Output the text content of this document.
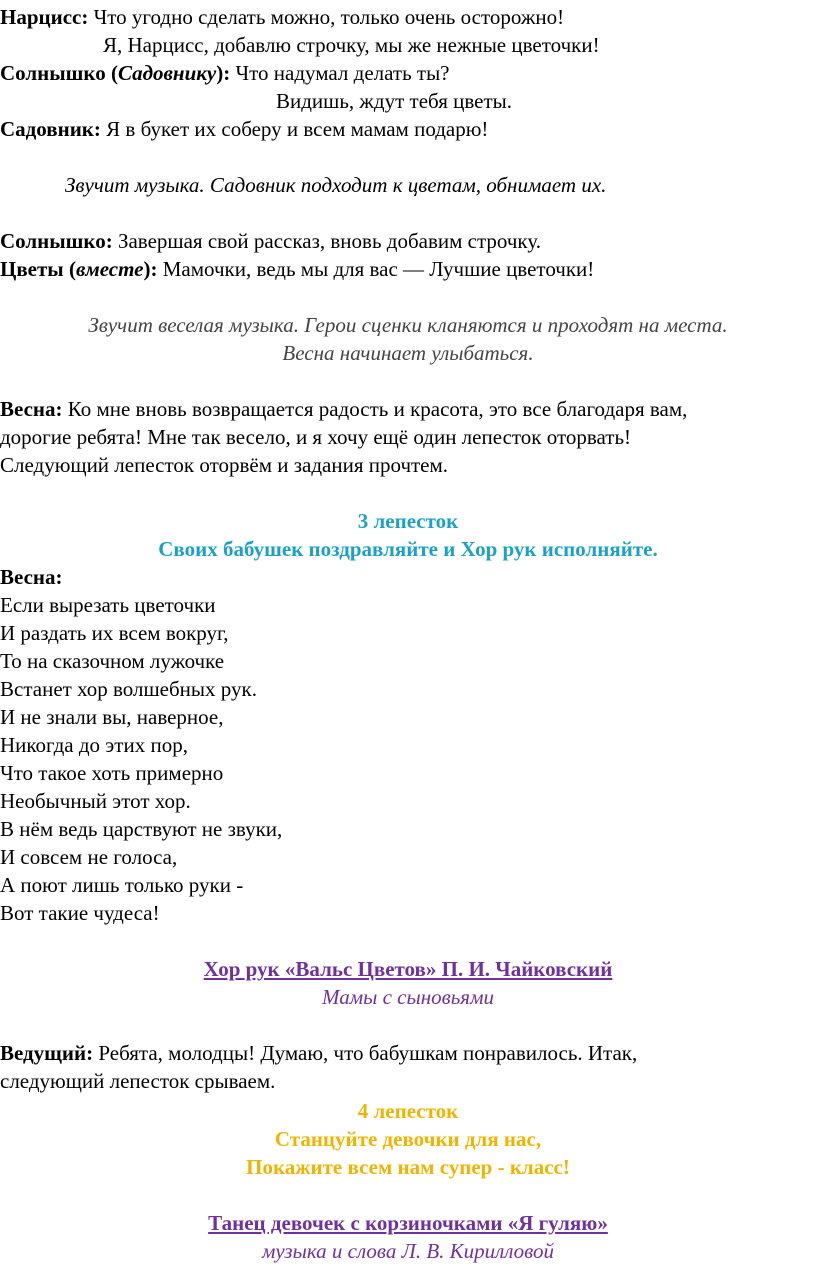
Нарцисс: Что угодно сделать можно, только очень осторожно!
Я, Нарцисс, добавлю строчку, мы же нежные цветочки!
Солнышко (Садовнику): Что надумал делать ты?
Видишь, ждут тебя цветы.
Садовник: Я в букет их соберу и всем мамам подарю!
Звучит музыка. Садовник подходит к цветам, обнимает их.
Солнышко: Завершая свой рассказ, вновь добавим строчку.
Цветы (вместе): Мамочки, ведь мы для вас — Лучшие цветочки!
Звучит веселая музыка. Герои сценки кланяются и проходят на места.
Весна начинает улыбаться.
Весна: Ко мне вновь возвращается радость и красота, это все благодаря вам,
дорогие ребята! Мне так весело, и я хочу ещё один лепесток оторвать!
Следующий лепесток оторвём и задания прочтем.
3 лепесток
Своих бабушек поздравляйте и Хор рук исполняйте.
Весна:
Если вырезать цветочки
И раздать их всем вокруг,
То на сказочном лужочке
Встанет хор волшебных рук.
И не знали вы, наверное,
Никогда до этих пор,
Что такое хоть примерно
Необычный этот хор.
В нём ведь царствуют не звуки,
И совсем не голоса,
А поют лишь только руки -
Вот такие чудеса!
Хор рук «Вальс Цветов» П. И. Чайковский
Мамы с сыновьями
Ведущий: Ребята, молодцы! Думаю, что бабушкам понравилось. Итак,
следующий лепесток срываем.
4 лепесток
Станцуйте девочки для нас,
Покажите всем нам супер - класс!
Танец девочек с корзиночками «Я гуляю»
музыка и слова Л. В. Кирилловой
